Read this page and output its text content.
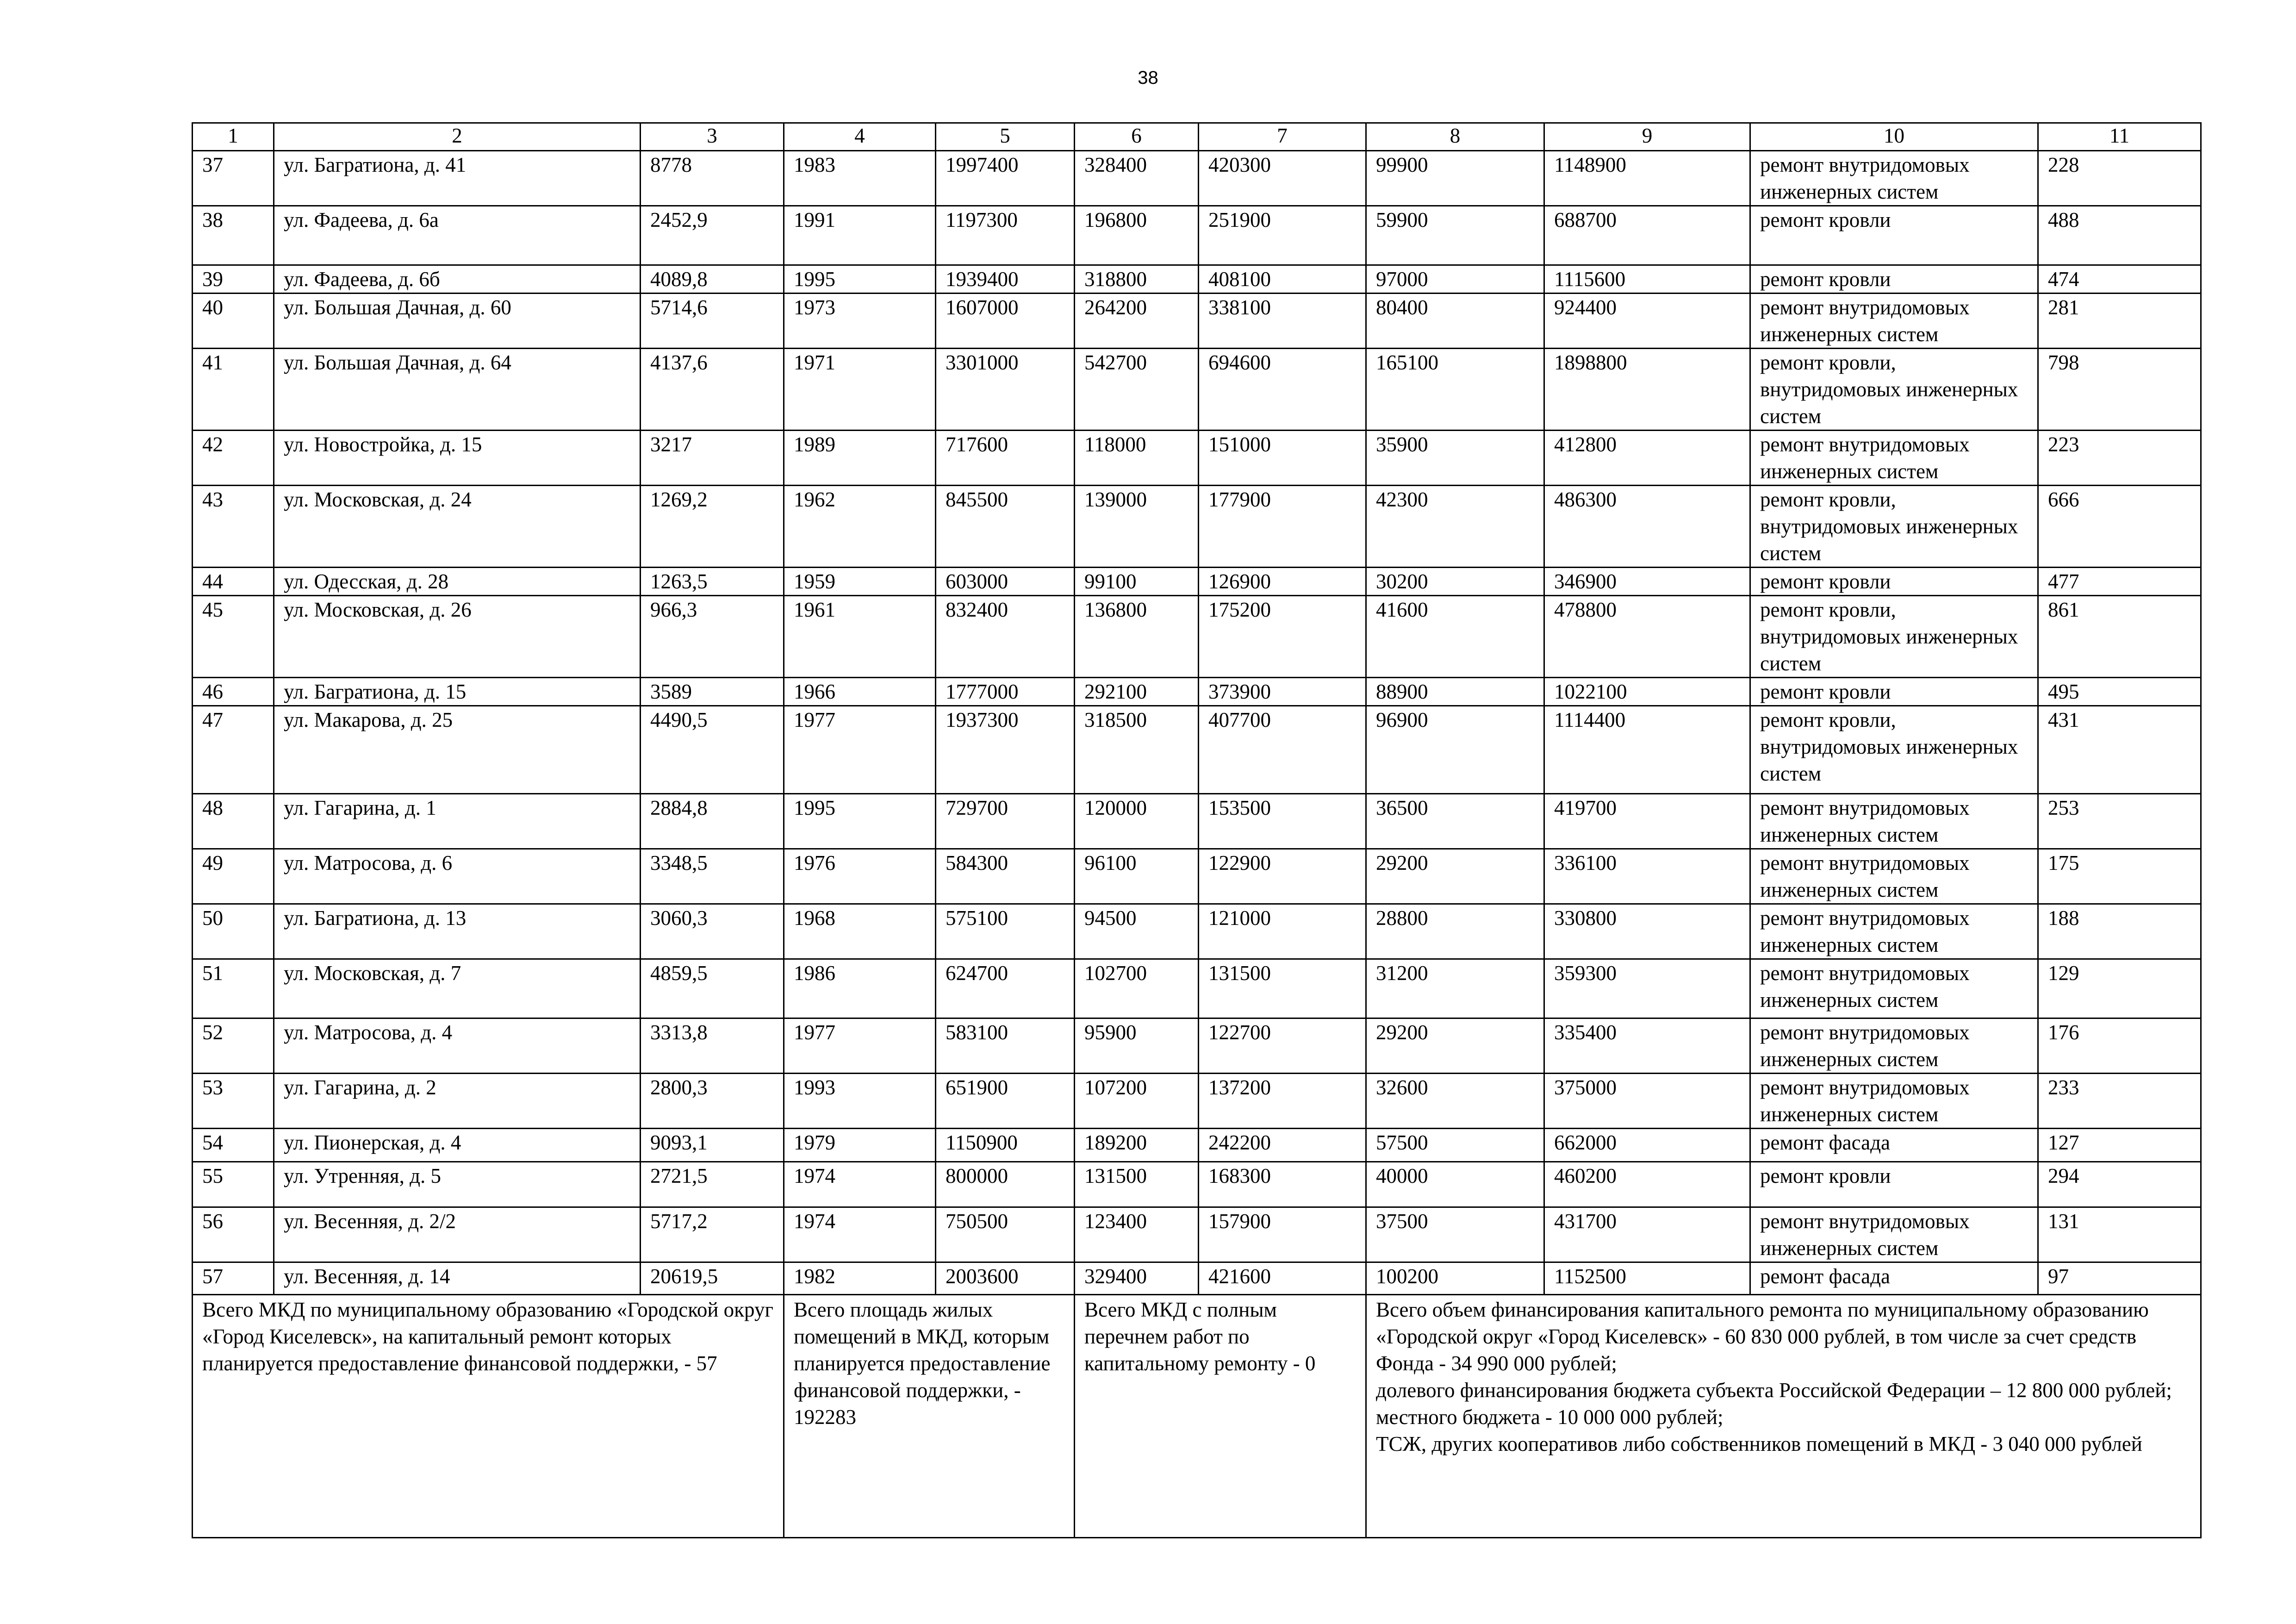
38
1	2	3	4	5	6	7	8	9	10	11
37	ул. Багратиона, д. 41	8778	1983	1997400	328400	420300	99900	1148900	ремонт внутридомовых инженерных систем	228
38	ул. Фадеева, д. 6а	2452,9	1991	1197300	196800	251900	59900	688700	ремонт кровли	488
39	ул. Фадеева, д. 6б	4089,8	1995	1939400	318800	408100	97000	1115600	ремонт кровли	474
40	ул. Большая Дачная, д. 60	5714,6	1973	1607000	264200	338100	80400	924400	ремонт внутридомовых инженерных систем	281
41	ул. Большая Дачная, д. 64	4137,6	1971	3301000	542700	694600	165100	1898800	ремонт кровли, внутридомовых инженерных систем	798
42	ул. Новостройка, д. 15	3217	1989	717600	118000	151000	35900	412800	ремонт внутридомовых инженерных систем	223
43	ул. Московская, д. 24	1269,2	1962	845500	139000	177900	42300	486300	ремонт кровли, внутридомовых инженерных систем	666
44	ул. Одесская, д. 28	1263,5	1959	603000	99100	126900	30200	346900	ремонт кровли	477
45	ул. Московская, д. 26	966,3	1961	832400	136800	175200	41600	478800	ремонт кровли, внутридомовых инженерных систем	861
46	ул. Багратиона, д. 15	3589	1966	1777000	292100	373900	88900	1022100	ремонт кровли	495
47	ул. Макарова, д. 25	4490,5	1977	1937300	318500	407700	96900	1114400	ремонт кровли, внутридомовых инженерных систем	431
48	ул. Гагарина, д. 1	2884,8	1995	729700	120000	153500	36500	419700	ремонт внутридомовых инженерных систем	253
49	ул. Матросова, д. 6	3348,5	1976	584300	96100	122900	29200	336100	ремонт внутридомовых инженерных систем	175
50	ул. Багратиона, д. 13	3060,3	1968	575100	94500	121000	28800	330800	ремонт внутридомовых инженерных систем	188
51	ул. Московская, д. 7	4859,5	1986	624700	102700	131500	31200	359300	ремонт внутридомовых инженерных систем	129
52	ул. Матросова, д. 4	3313,8	1977	583100	95900	122700	29200	335400	ремонт внутридомовых инженерных систем	176
53	ул. Гагарина, д. 2	2800,3	1993	651900	107200	137200	32600	375000	ремонт внутридомовых инженерных систем	233
54	ул. Пионерская, д. 4	9093,1	1979	1150900	189200	242200	57500	662000	ремонт фасада	127
55	ул. Утренняя, д. 5	2721,5	1974	800000	131500	168300	40000	460200	ремонт кровли	294
56	ул. Весенняя, д. 2/2	5717,2	1974	750500	123400	157900	37500	431700	ремонт внутридомовых инженерных систем	131
57	ул. Весенняя, д. 14	20619,5	1982	2003600	329400	421600	100200	1152500	ремонт фасада	97
Всего МКД по муниципальному образованию «Городской округ «Город Киселевск», на капитальный ремонт которых планируется предоставление финансовой поддержки, - 57			Всего площадь жилых помещений в МКД, которым планируется предоставление финансовой поддержки, - 192283		Всего МКД с полным перечнем работ по капитальному ремонту - 0		Всего объем финансирования капитального ремонта по муниципальному образованию «Городской округ «Город Киселевск» - 60 830 000 рублей, в том числе за счет средств Фонда - 34 990 000 рублей;
долевого финансирования бюджета субъекта Российской Федерации – 12 800 000 рублей;
местного бюджета - 10 000 000 рублей;
ТСЖ, других кооперативов либо собственников помещений в МКД - 3 040 000 рублей			
